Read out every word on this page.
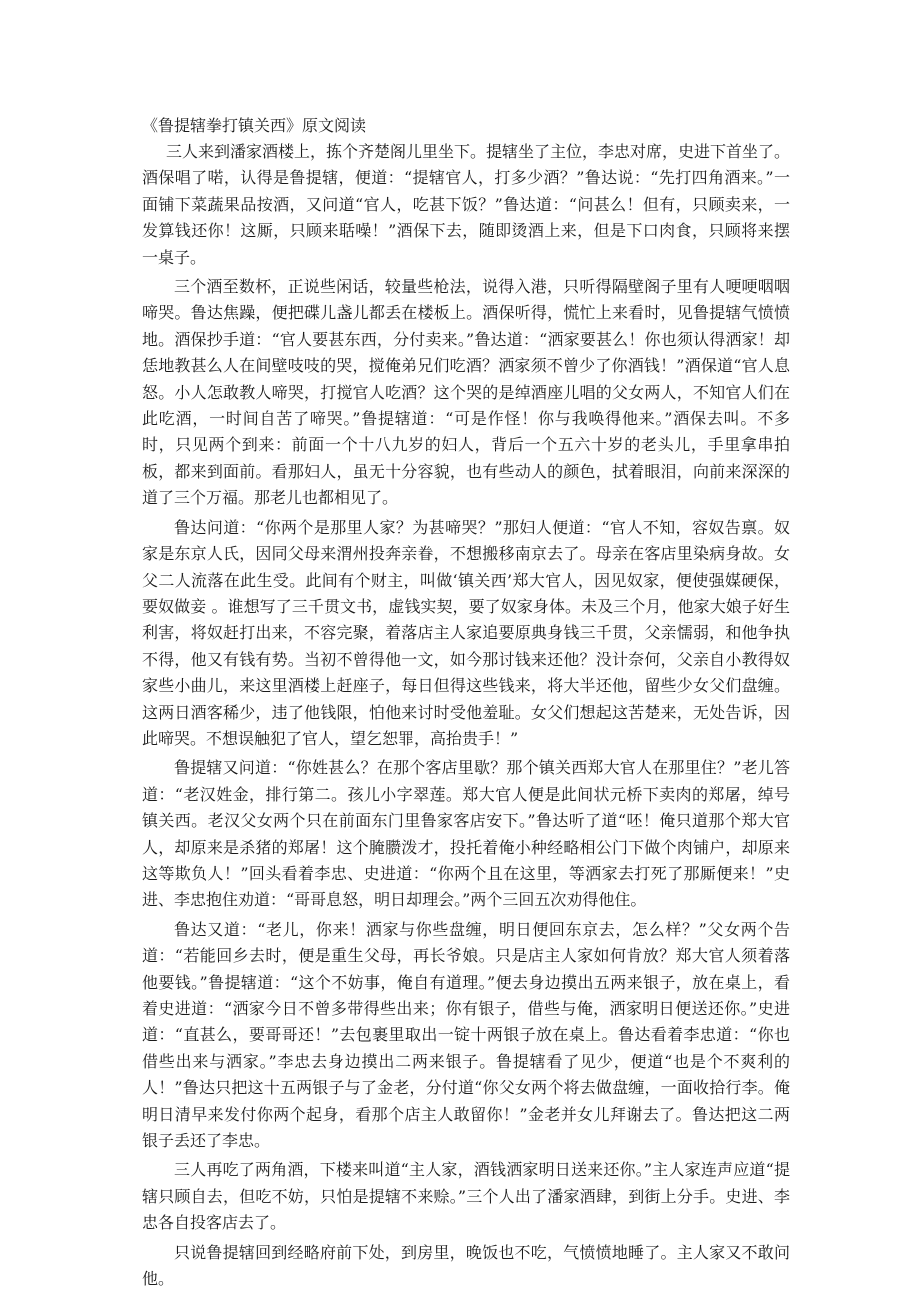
《鲁提辖拳打镇关西》原文阅读

三人来到潘家酒楼上，拣个齐楚阁儿里坐下。提辖坐了主位，李忠对席，史进下首坐了。酒保唱了喏，认得是鲁提辖，便道：“提辖官人，打多少酒？”鲁达说：“先打四角酒来。”一面铺下菜蔬果品按酒，又问道“官人，吃甚下饭？”鲁达道：“问甚么！但有，只顾卖来，一发算钱还你！这厮，只顾来聒噪！”酒保下去，随即烫酒上来，但是下口肉食，只顾将来摆一桌子。

三个酒至数杯，正说些闲话，较量些枪法，说得入港，只听得隔壁阁子里有人哽哽咽咽啼哭。鲁达焦躁，便把碟儿盏儿都丢在楼板上。酒保听得，慌忙上来看时，见鲁提辖气愤愤地。酒保抄手道：“官人要甚东西，分付卖来。”鲁达道：“洒家要甚么！你也须认得洒家！却恁地教甚么人在间壁吱吱的哭，搅俺弟兄们吃酒？洒家须不曾少了你酒钱！”酒保道“官人息怒。小人怎敢教人啼哭，打搅官人吃酒？这个哭的是绰酒座儿唱的父女两人，不知官人们在此吃酒，一时间自苦了啼哭。”鲁提辖道：“可是作怪！你与我唤得他来。”酒保去叫。不多时，只见两个到来：前面一个十八九岁的妇人，背后一个五六十岁的老头儿，手里拿串拍板，都来到面前。看那妇人，虽无十分容貌，也有些动人的颜色，拭着眼泪，向前来深深的道了三个万福。那老儿也都相见了。

鲁达问道：“你两个是那里人家？为甚啼哭？”那妇人便道：“官人不知，容奴告禀。奴家是东京人氏，因同父母来渭州投奔亲眷，不想搬移南京去了。母亲在客店里染病身故。女父二人流落在此生受。此间有个财主，叫做‘镇关西’郑大官人，因见奴家，便使强媒硬保，要奴做妾 。谁想写了三千贯文书，虚钱实契，要了奴家身体。未及三个月，他家大娘子好生利害，将奴赶打出来，不容完聚，着落店主人家追要原典身钱三千贯，父亲懦弱，和他争执不得，他又有钱有势。当初不曾得他一文，如今那讨钱来还他？没计奈何，父亲自小教得奴家些小曲儿，来这里酒楼上赶座子，每日但得这些钱来，将大半还他，留些少女父们盘缠。这两日酒客稀少，违了他钱限，怕他来讨时受他羞耻。女父们想起这苦楚来，无处告诉，因此啼哭。不想误触犯了官人，望乞恕罪，高抬贵手！”

鲁提辖又问道：“你姓甚么？在那个客店里歇？那个镇关西郑大官人在那里住？”老儿答道：“老汉姓金，排行第二。孩儿小字翠莲。郑大官人便是此间状元桥下卖肉的郑屠，绰号镇关西。老汉父女两个只在前面东门里鲁家客店安下。”鲁达听了道“呸！俺只道那个郑大官人，却原来是杀猪的郑屠！这个腌臜泼才，投托着俺小种经略相公门下做个肉铺户，却原来这等欺负人！”回头看着李忠、史进道：“你两个且在这里，等洒家去打死了那厮便来！”史进、李忠抱住劝道：“哥哥息怒，明日却理会。”两个三回五次劝得他住。

鲁达又道：“老儿，你来！洒家与你些盘缠，明日便回东京去，怎么样？”父女两个告道：“若能回乡去时，便是重生父母，再长爷娘。只是店主人家如何肯放？郑大官人须着落他要钱。”鲁提辖道：“这个不妨事，俺自有道理。”便去身边摸出五两来银子，放在桌上，看着史进道：“洒家今日不曾多带得些出来；你有银子，借些与俺，洒家明日便送还你。”史进道：“直甚么，要哥哥还！”去包裹里取出一锭十两银子放在桌上。鲁达看着李忠道：“你也借些出来与洒家。”李忠去身边摸出二两来银子。鲁提辖看了见少，便道“也是个不爽利的人！”鲁达只把这十五两银子与了金老，分付道“你父女两个将去做盘缠，一面收拾行李。俺明日清早来发付你两个起身，看那个店主人敢留你！”金老并女儿拜谢去了。鲁达把这二两银子丢还了李忠。

三人再吃了两角酒，下楼来叫道“主人家，酒钱洒家明日送来还你。”主人家连声应道“提辖只顾自去，但吃不妨，只怕是提辖不来赊。”三个人出了潘家酒肆，到街上分手。史进、李忠各自投客店去了。

只说鲁提辖回到经略府前下处，到房里，晚饭也不吃，气愤愤地睡了。主人家又不敢问他。
